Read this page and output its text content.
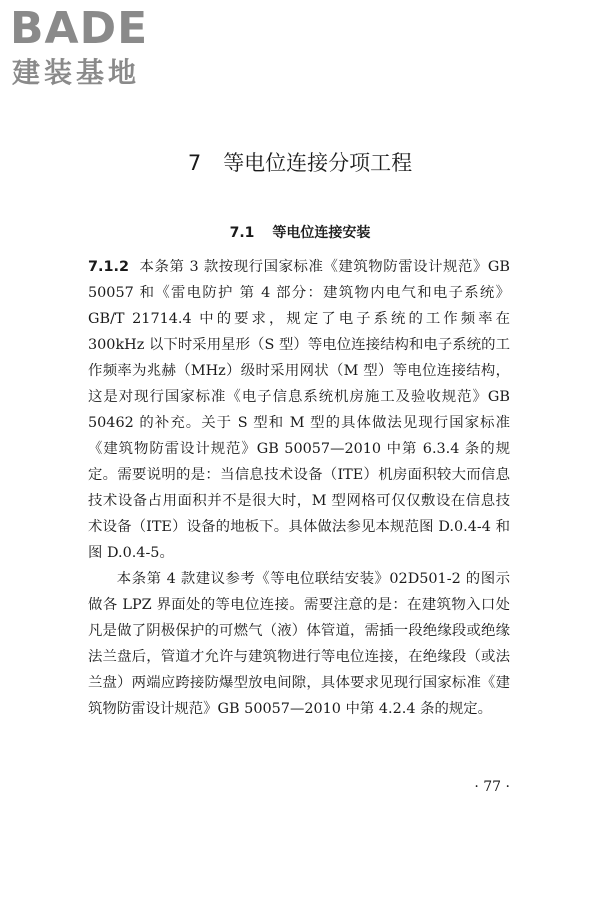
BADE
建装基地
7 等电位连接分项工程
7.1 等电位连接安装

7.1.2 本条第 3 款按现行国家标准《建筑物防雷设计规范》GB 50057 和《雷电防护 第 4 部分：建筑物内电气和电子系统》GB/T 21714.4 中的要求，规定了电子系统的工作频率在 300kHz 以下时采用星形（S 型）等电位连接结构和电子系统的工作频率为兆赫（MHz）级时采用网状（M 型）等电位连接结构，这是对现行国家标准《电子信息系统机房施工及验收规范》GB 50462 的补充。关于 S 型和 M 型的具体做法见现行国家标准《建筑物防雷设计规范》GB 50057—2010 中第 6.3.4 条的规定。需要说明的是：当信息技术设备（ITE）机房面积较大而信息技术设备占用面积并不是很大时，M 型网格可仅仅敷设在信息技术设备（ITE）设备的地板下。具体做法参见本规范图 D.0.4-4 和图 D.0.4-5。

本条第 4 款建议参考《等电位联结安装》02D501-2 的图示做各 LPZ 界面处的等电位连接。需要注意的是：在建筑物入口处凡是做了阴极保护的可燃气（液）体管道，需插一段绝缘段或绝缘法兰盘后，管道才允许与建筑物进行等电位连接，在绝缘段（或法兰盘）两端应跨接防爆型放电间隙，具体要求见现行国家标准《建筑物防雷设计规范》GB 50057—2010 中第 4.2.4 条的规定。

· 77 ·
